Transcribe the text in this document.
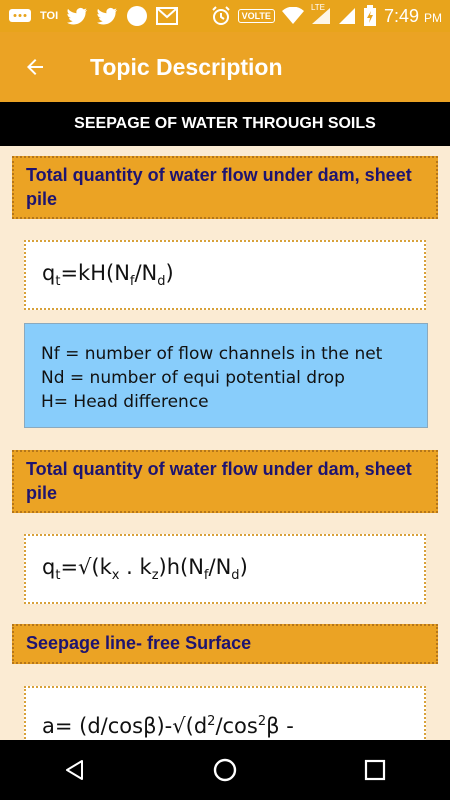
TOI	VOLTE
LTE	7:49 PM
Topic Description
SEEPAGE OF WATER THROUGH SOILS
Total quantity of water flow under dam, sheet pile
$q_t=kH(N_f/N_d)$
Nf = number of flow channels in the net
Nd = number of equi potential drop
H= Head difference
Total quantity of water flow under dam, sheet pile
$q_t=√(k_x$ . $k_z)h(N_f/N_d)$
Seepage line- free Surface
$a= (d/\cos\beta)-√(d^2/\cos^2\beta$ -
